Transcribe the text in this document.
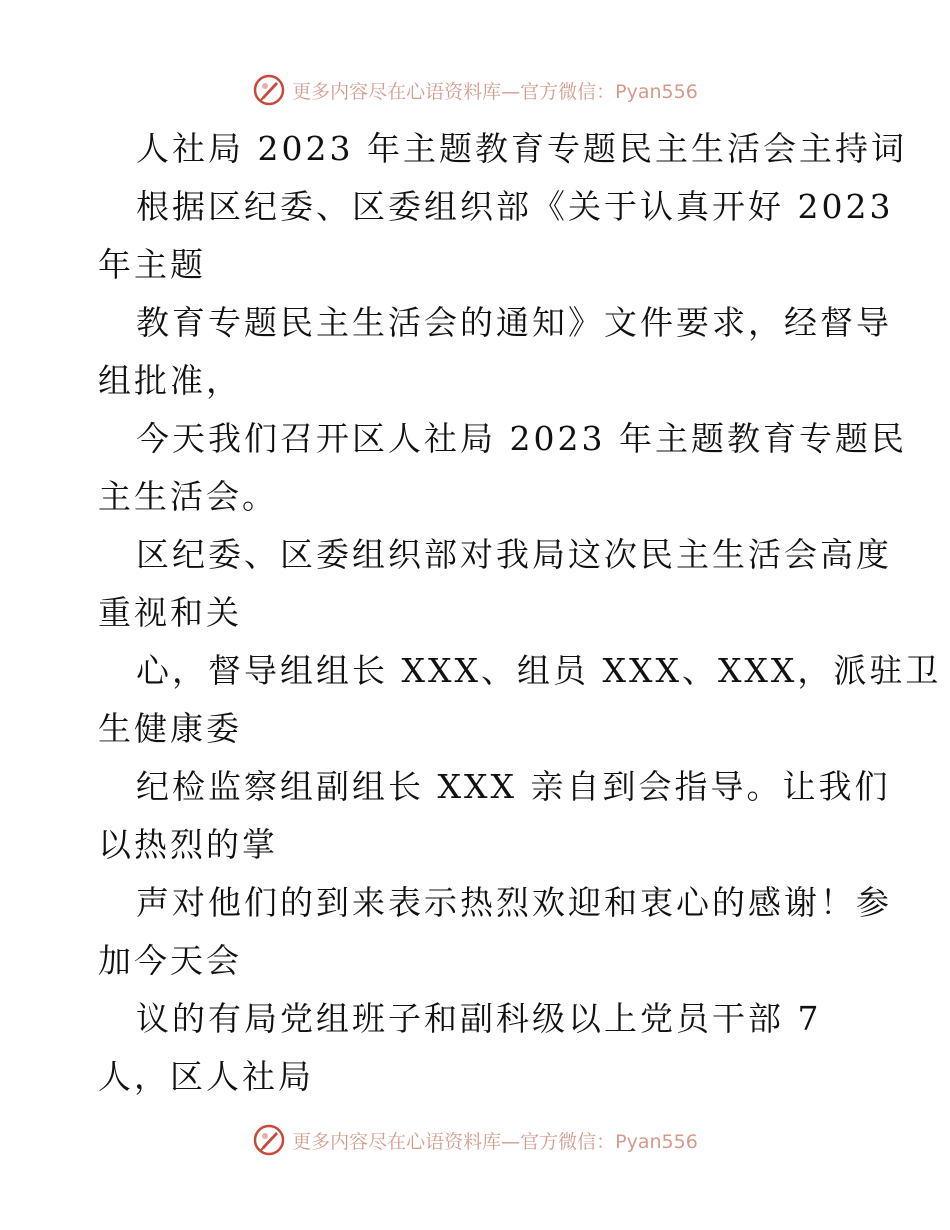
更多内容尽在心语资料库—官方微信：Pyan556
人社局 2023 年主题教育专题民主生活会主持词
根据区纪委、区委组织部《关于认真开好 2023
年主题
教育专题民主生活会的通知》文件要求，经督导
组批准，
今天我们召开区人社局 2023 年主题教育专题民
主生活会。
区纪委、区委组织部对我局这次民主生活会高度
重视和关
心，督导组组长 XXX、组员 XXX、XXX，派驻卫
生健康委
纪检监察组副组长 XXX 亲自到会指导。让我们
以热烈的掌
声对他们的到来表示热烈欢迎和衷心的感谢！参
加今天会
议的有局党组班子和副科级以上党员干部 7
人，区人社局
更多内容尽在心语资料库—官方微信：Pyan556
